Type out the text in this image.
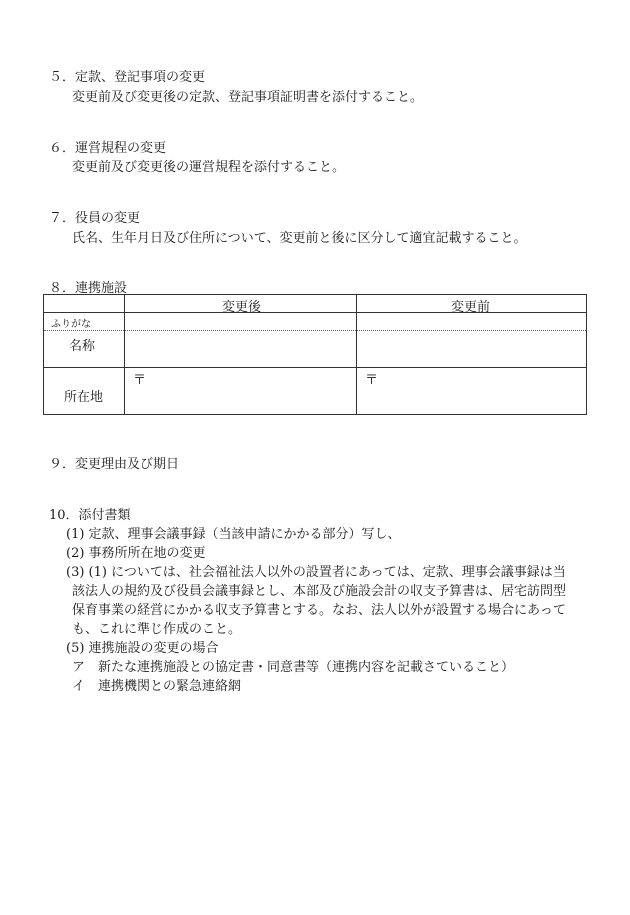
５．定款、登記事項の変更
変更前及び変更後の定款、登記事項証明書を添付すること。
６．運営規程の変更
変更前及び変更後の運営規程を添付すること。
７．役員の変更
氏名、生年月日及び住所について、変更前と後に区分して適宜記載すること。
８．連携施設
変更後	変更前
ふりがな
名称
所在地
〒	〒
９．変更理由及び期日
10．添付書類
(1) 定款、理事会議事録（当該申請にかかる部分）写し、
(2) 事務所所在地の変更
(3) (1) については、社会福祉法人以外の設置者にあっては、定款、理事会議事録は当
該法人の規約及び役員会議事録とし、本部及び施設会計の収支予算書は、居宅訪問型
保育事業の経営にかかる収支予算書とする。なお、法人以外が設置する場合にあって
も、これに準じ作成のこと。
(5) 連携施設の変更の場合
ア　新たな連携施設との協定書・同意書等（連携内容を記載さていること）
イ　連携機関との緊急連絡網
